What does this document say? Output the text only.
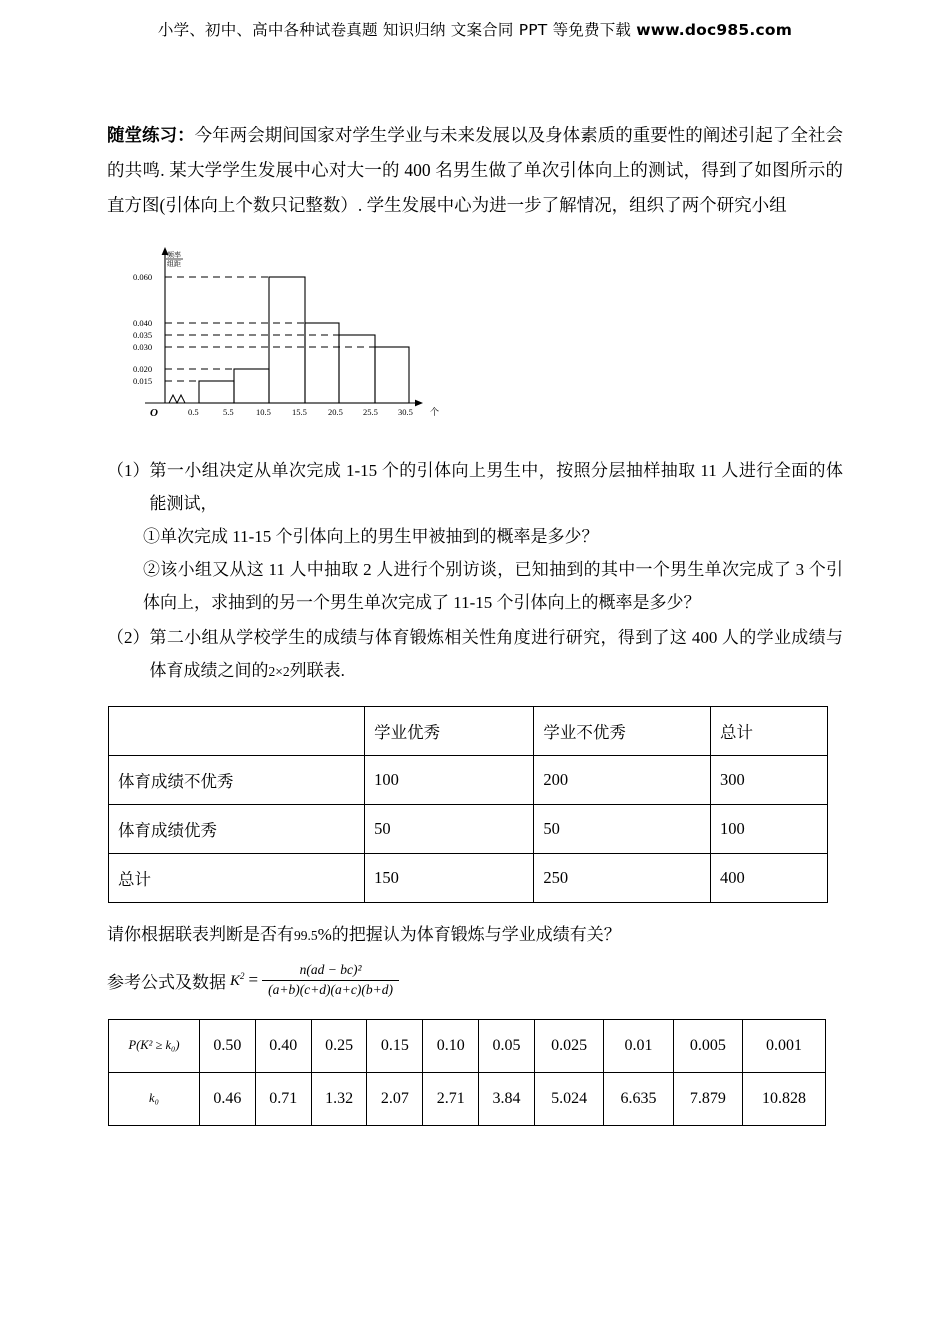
小学、初中、高中各种试卷真题 知识归纳 文案合同 PPT 等免费下载 www.doc985.com
随堂练习：今年两会期间国家对学生学业与未来发展以及身体素质的重要性的阐述引起了全社会的共鸣. 某大学学生发展中心对大一的 400 名男生做了单次引体向上的测试，得到了如图所示的直方图(引体向上个数只记整数）. 学生发展中心为进一步了解情况，组织了两个研究小组
频率
组距
0.060
0.040
0.035
0.030
0.020
0.015
0.5	5.5	10.5 15.5 20.5 25.5 30.5 个
O
（1） 第一小组决定从单次完成 1-15 个的引体向上男生中，按照分层抽样抽取 11 人进行全面的体能测试，
①单次完成 11-15 个引体向上的男生甲被抽到的概率是多少？
②该小组又从这 11 人中抽取 2 人进行个别访谈，已知抽到的其中一个男生单次完成了 3 个引体向上，求抽到的另一个男生单次完成了 11-15 个引体向上的概率是多少？
（2） 第二小组从学校学生的成绩与体育锻炼相关性角度进行研究，得到了这 400 人的学业成绩与体育成绩之间的2×2列联表.
	学业优秀	学业不优秀	总计
体育成绩不优秀	100	200	300
体育成绩优秀	50	50	100
总计	150	250	400
请你根据联表判断是否有99.5%的把握认为体育锻炼与学业成绩有关？
参考公式及数据 $K^2 = \frac{\text{n(ad − bc)²}}{(a+b)(c+d)(a+c)(b+d)}$
P(K² ≥ k₀)	0.50	0.40	0.25	0.15	0.10	0.05	0.025	0.01	0.005	0.001
k₀	0.46	0.71	1.32	2.07	2.71	3.84	5.024	6.635	7.879	10.828
